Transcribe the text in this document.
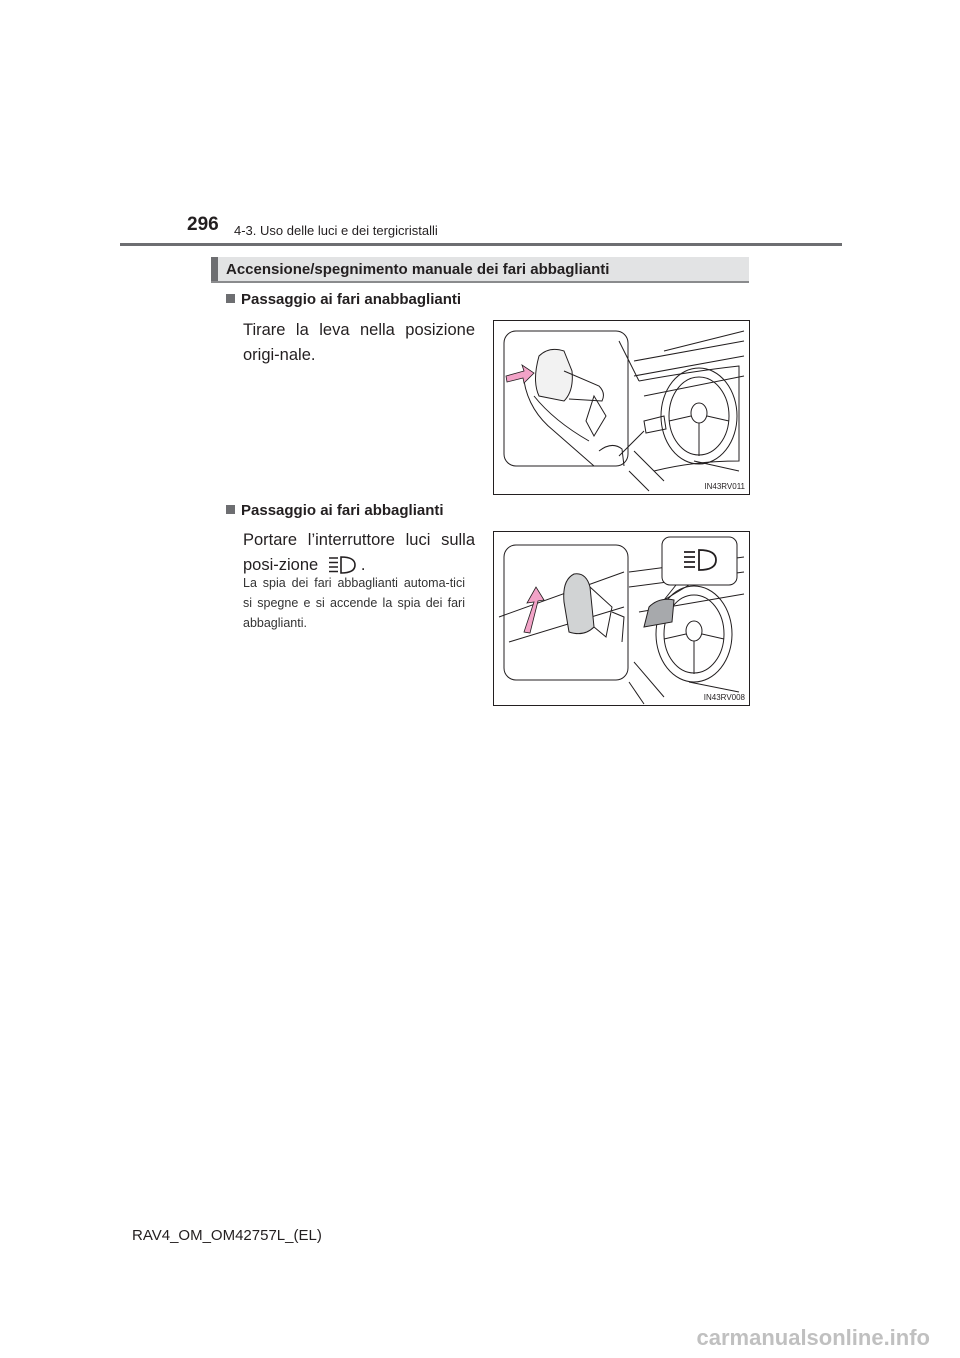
296 4-3. Uso delle luci e dei tergicristalli
Accensione/spegnimento manuale dei fari abbaglianti
Passaggio ai fari anabbaglianti
Tirare la leva nella posizione origi-nale.
IN43RV011
Passaggio ai fari abbaglianti
Portare l’interruttore luci sulla posi-zione	.
La spia dei fari abbaglianti automa-tici si spegne e si accende la spia dei fari abbaglianti.
IN43RV008
RAV4_OM_OM42757L_(EL)
carmanualsonline.info
